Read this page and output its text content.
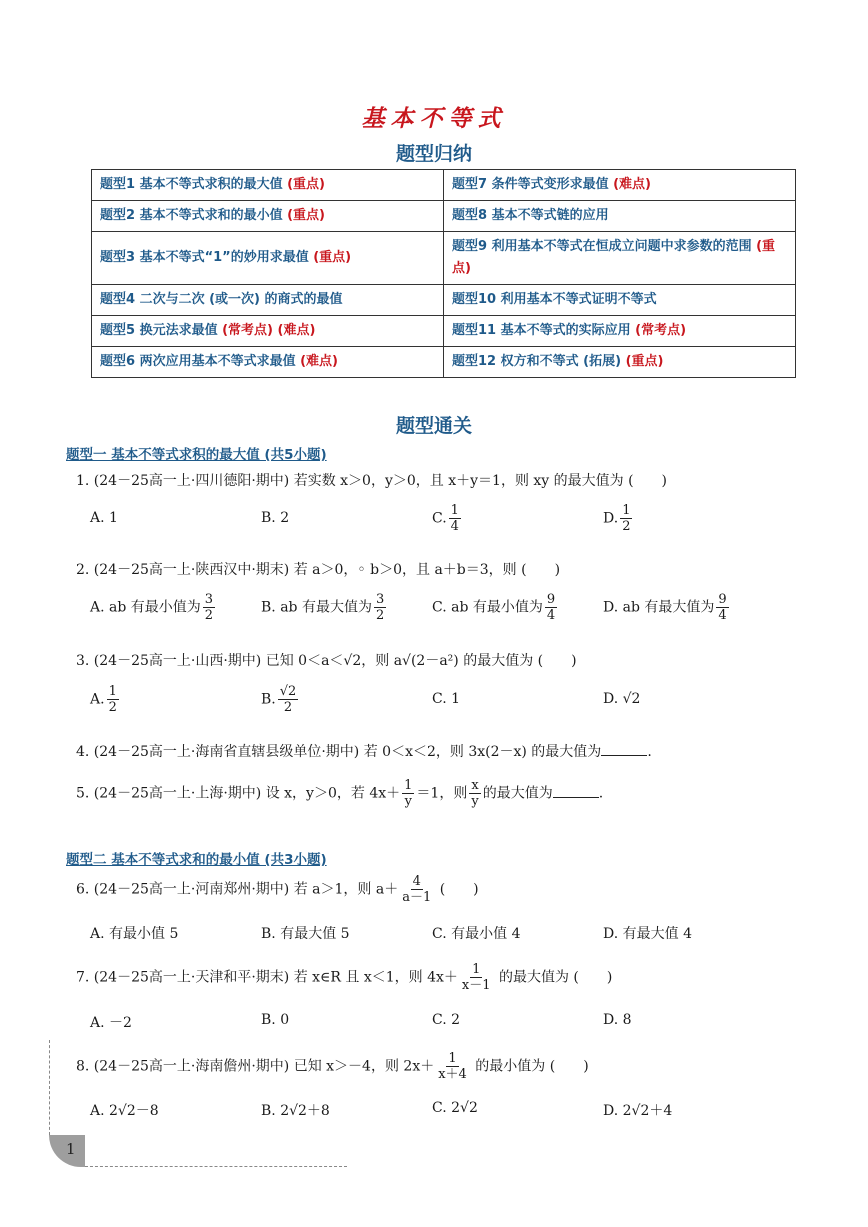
基本不等式
题型归纳
题型1 基本不等式求积的最大值 (重点)	题型7 条件等式变形求最值 (难点)
题型2 基本不等式求和的最小值 (重点)	题型8 基本不等式链的应用
题型3 基本不等式“1”的妙用求最值 (重点)	题型9 利用基本不等式在恒成立问题中求参数的范围 (重点)
题型4 二次与二次 (或一次) 的商式的最值	题型10 利用基本不等式证明不等式
题型5 换元法求最值 (常考点) (难点)	题型11 基本不等式的实际应用 (常考点)
题型6 两次应用基本不等式求最值 (难点)	题型12 权方和不等式 (拓展) (重点)
题型通关
题型一 基本不等式求积的最大值 (共5小题)
1. (24－25高一上·四川德阳·期中) 若实数 x＞0，y＞0，且 x＋y＝1，则 xy 的最大值为 (　　)
A. 1	B. 2	C. $\frac{1}{4}$	D. $\frac{1}{2}$
2. (24－25高一上·陕西汉中·期末) 若 a＞0，◦ b＞0，且 a＋b＝3，则 (　　)
A. ab 有最小值为 $\frac{3}{2}$	B. ab 有最大值为 $\frac{3}{2}$	C. ab 有最小值为 $\frac{9}{4}$	D. ab 有最大值为 $\frac{9}{4}$
3. (24－25高一上·山西·期中) 已知 0＜a＜√2，则 a√(2－a²) 的最大值为 (　　)
A. $\frac{1}{2}$	B. $\frac{√2}{2}$	C. 1	D. √2
4. (24－25高一上·海南省直辖县级单位·期中) 若 0＜x＜2，则 3x(2－x) 的最大值为	.
5. (24－25高一上·上海·期中) 设 x，y＞0，若 $4x+ \frac{1}{y} =1$，则 $\frac{x}{y}$ 的最大值为	.
题型二 基本不等式求和的最小值 (共3小题)
6. (24－25高一上·河南郑州·期中) 若 a＞1，则 $a+ \frac{4}{a-1}$ (　　)
A. 有最小值 5	B. 有最大值 5	C. 有最小值 4	D. 有最大值 4
7. (24－25高一上·天津和平·期末) 若 x∈R 且 x＜1，则 $4x+ \frac{1}{x-1}$ 的最大值为 (　　)
A. －2	B. 0	C. 2	D. 8
8. (24－25高一上·海南儋州·期中) 已知 x＞－4，则 $2x+ \frac{1}{x+4}$ 的最小值为 (　　)
A. 2√2－8	B. 2√2＋8	C. 2√2	D. 2√2＋4
1
